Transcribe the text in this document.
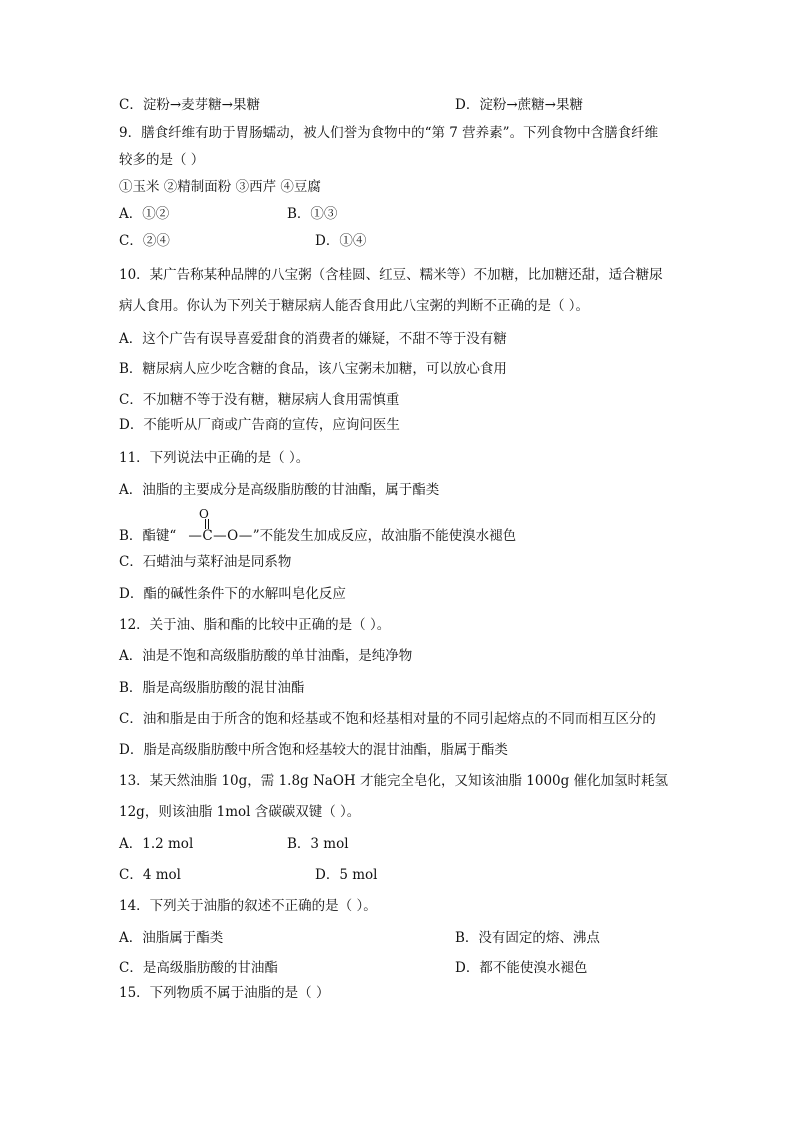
C．淀粉→麦芽糖→果糖	D．淀粉→蔗糖→果糖
9．膳食纤维有助于胃肠蠕动，被人们誉为食物中的“第 7 营养素”。下列食物中含膳食纤维
较多的是（ ）
①玉米 ②精制面粉 ③西芹 ④豆腐
A．①②	B．①③
C．②④	D．①④
10．某广告称某种品牌的八宝粥（含桂圆、红豆、糯米等）不加糖，比加糖还甜，适合糖尿
病人食用。你认为下列关于糖尿病人能否食用此八宝粥的判断不正确的是（ ）。
A．这个广告有误导喜爱甜食的消费者的嫌疑，不甜不等于没有糖
B．糖尿病人应少吃含糖的食品，该八宝粥未加糖，可以放心食用
C．不加糖不等于没有糖，糖尿病人食用需慎重
D．不能听从厂商或广告商的宣传，应询问医生
11．下列说法中正确的是（ ）。
A．油脂的主要成分是高级脂肪酸的甘油酯，属于酯类
O
B．酯键“ —C—O—”不能发生加成反应，故油脂不能使溴水褪色
C．石蜡油与菜籽油是同系物
D．酯的碱性条件下的水解叫皂化反应
12．关于油、脂和酯的比较中正确的是（ ）。
A．油是不饱和高级脂肪酸的单甘油酯，是纯净物
B．脂是高级脂肪酸的混甘油酯
C．油和脂是由于所含的饱和烃基或不饱和烃基相对量的不同引起熔点的不同而相互区分的
D．脂是高级脂肪酸中所含饱和烃基较大的混甘油酯，脂属于酯类
13．某天然油脂 10g，需 1.8g NaOH 才能完全皂化，又知该油脂 1000g 催化加氢时耗氢
12g，则该油脂 1mol 含碳碳双键（ ）。
A．1.2 mol	B．3 mol
C．4 mol	D．5 mol
14．下列关于油脂的叙述不正确的是（ ）。
A．油脂属于酯类	B．没有固定的熔、沸点
C．是高级脂肪酸的甘油酯	D．都不能使溴水褪色
15．下列物质不属于油脂的是（ ）
